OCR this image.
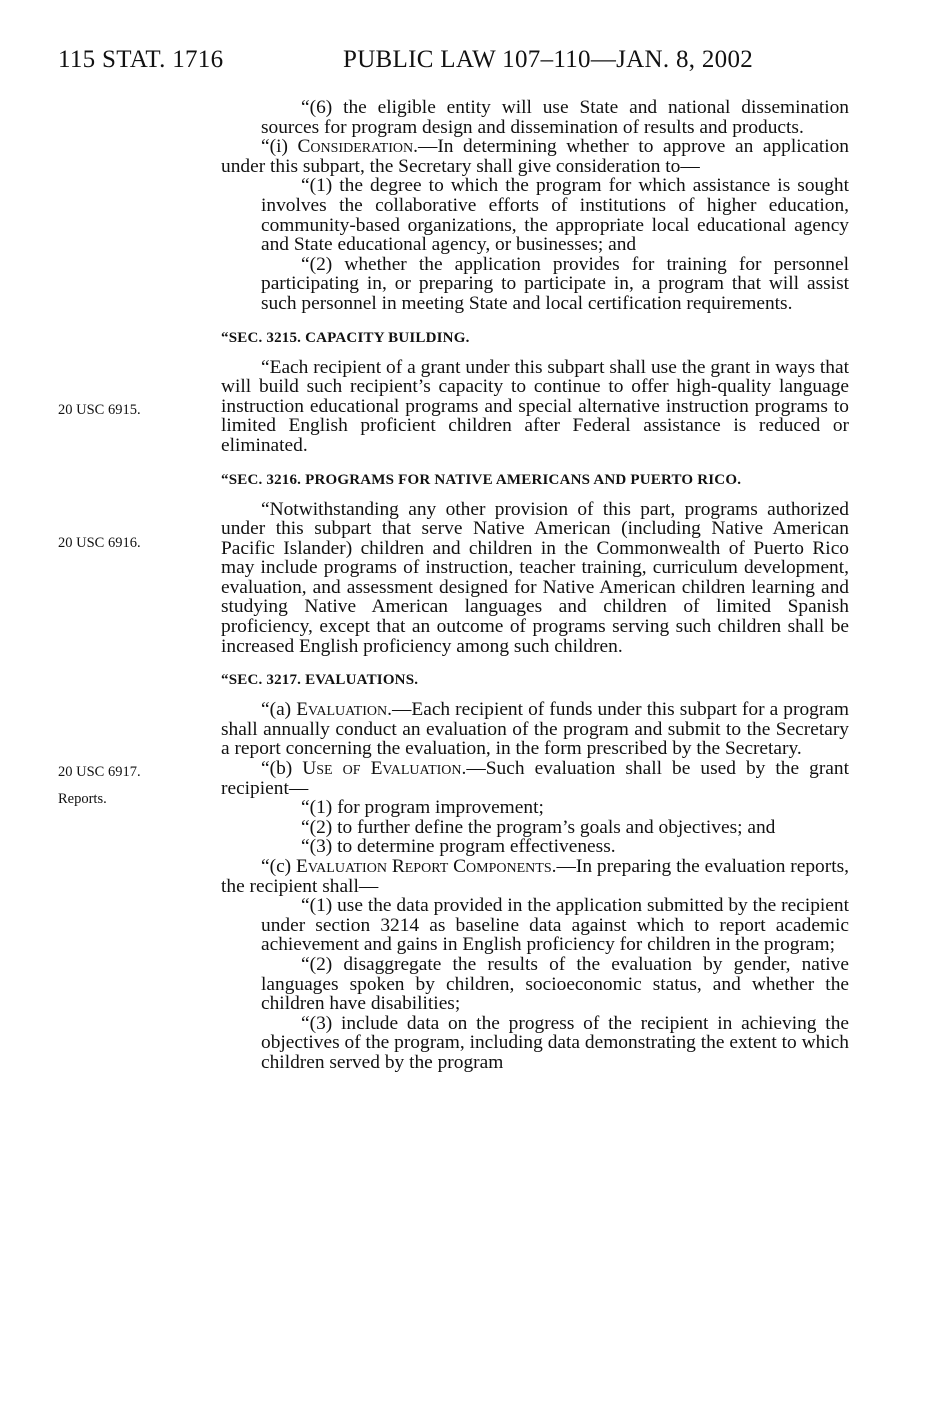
115 STAT. 1716	PUBLIC LAW 107–110—JAN. 8, 2002
20 USC 6915.
20 USC 6916.
20 USC 6917.
Reports.

“(6) the eligible entity will use State and national dissemination sources for program design and dissemination of results and products.

“(i) Consideration.—In determining whether to approve an application under this subpart, the Secretary shall give consideration to—

“(1) the degree to which the program for which assistance is sought involves the collaborative efforts of institutions of higher education, community-based organizations, the appropriate local educational agency and State educational agency, or businesses; and

“(2) whether the application provides for training for personnel participating in, or preparing to participate in, a program that will assist such personnel in meeting State and local certification requirements.

“SEC. 3215. CAPACITY BUILDING.

“Each recipient of a grant under this subpart shall use the grant in ways that will build such recipient’s capacity to continue to offer high-quality language instruction educational programs and special alternative instruction programs to limited English proficient children after Federal assistance is reduced or eliminated.

“SEC. 3216. PROGRAMS FOR NATIVE AMERICANS AND PUERTO RICO.

“Notwithstanding any other provision of this part, programs authorized under this subpart that serve Native American (including Native American Pacific Islander) children and children in the Commonwealth of Puerto Rico may include programs of instruction, teacher training, curriculum development, evaluation, and assessment designed for Native American children learning and studying Native American languages and children of limited Spanish proficiency, except that an outcome of programs serving such children shall be increased English proficiency among such children.

“SEC. 3217. EVALUATIONS.

“(a) Evaluation.—Each recipient of funds under this subpart for a program shall annually conduct an evaluation of the program and submit to the Secretary a report concerning the evaluation, in the form prescribed by the Secretary.

“(b) Use of Evaluation.—Such evaluation shall be used by the grant recipient—

“(1) for program improvement;

“(2) to further define the program’s goals and objectives; and

“(3) to determine program effectiveness.

“(c) Evaluation Report Components.—In preparing the evaluation reports, the recipient shall—

“(1) use the data provided in the application submitted by the recipient under section 3214 as baseline data against which to report academic achievement and gains in English proficiency for children in the program;

“(2) disaggregate the results of the evaluation by gender, native languages spoken by children, socioeconomic status, and whether the children have disabilities;

“(3) include data on the progress of the recipient in achieving the objectives of the program, including data demonstrating the extent to which children served by the program
